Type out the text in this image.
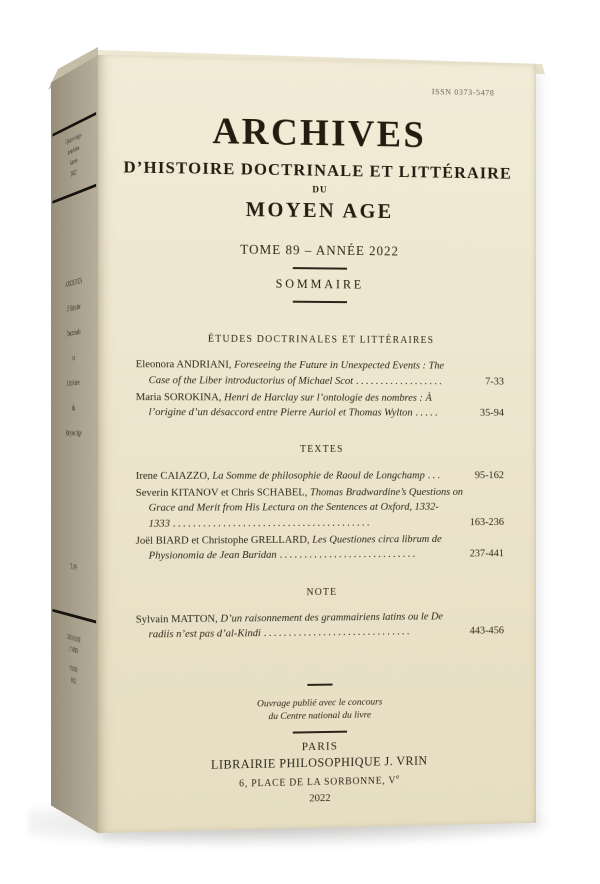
Quatre-vingt-
neuvième
Année
2022
ARCHIVES
d’Histoire
Doctrinale
et
Littéraire
du
Moyen Age
T. 89
LIBRAIRIE
J. VRIN
PARIS
2022
ISSN 0373-5478
ARCHIVES
D’HISTOIRE DOCTRINALE ET LITTÉRAIRE
DU
MOYEN AGE
TOME 89 – ANNÉE 2022
SOMMAIRE
ÉTUDES DOCTRINALES ET LITTÉRAIRES
Eleonora ANDRIANI, Foreseeing the Future in Unexpected Events : The Case of the Liber introductorius of Michael Scot ..................	7-33
Maria SOROKINA, Henri de Harclay sur l’ontologie des nombres : À l’origine d’un désaccord entre Pierre Auriol et Thomas Wylton .....	35-94
TEXTES
Irene CAIAZZO, La Somme de philosophie de Raoul de Longchamp ...	95-162
Severin KITANOV et Chris SCHABEL, Thomas Bradwardine’s Questions on Grace and Merit from His Lectura on the Sentences at Oxford, 1332-1333 ........................................	163-236
Joël BIARD et Christophe GRELLARD, Les Questiones circa librum de Physionomia de Jean Buridan ............................	237-441
NOTE
Sylvain MATTON, D’un raisonnement des grammairiens latins ou le De radiis n’est pas d’al-Kindi ..............................	443-456
Ouvrage publié avec le concours
du Centre national du livre
PARIS
LIBRAIRIE PHILOSOPHIQUE J. VRIN
6, PLACE DE LA SORBONNE, Ve
2022
